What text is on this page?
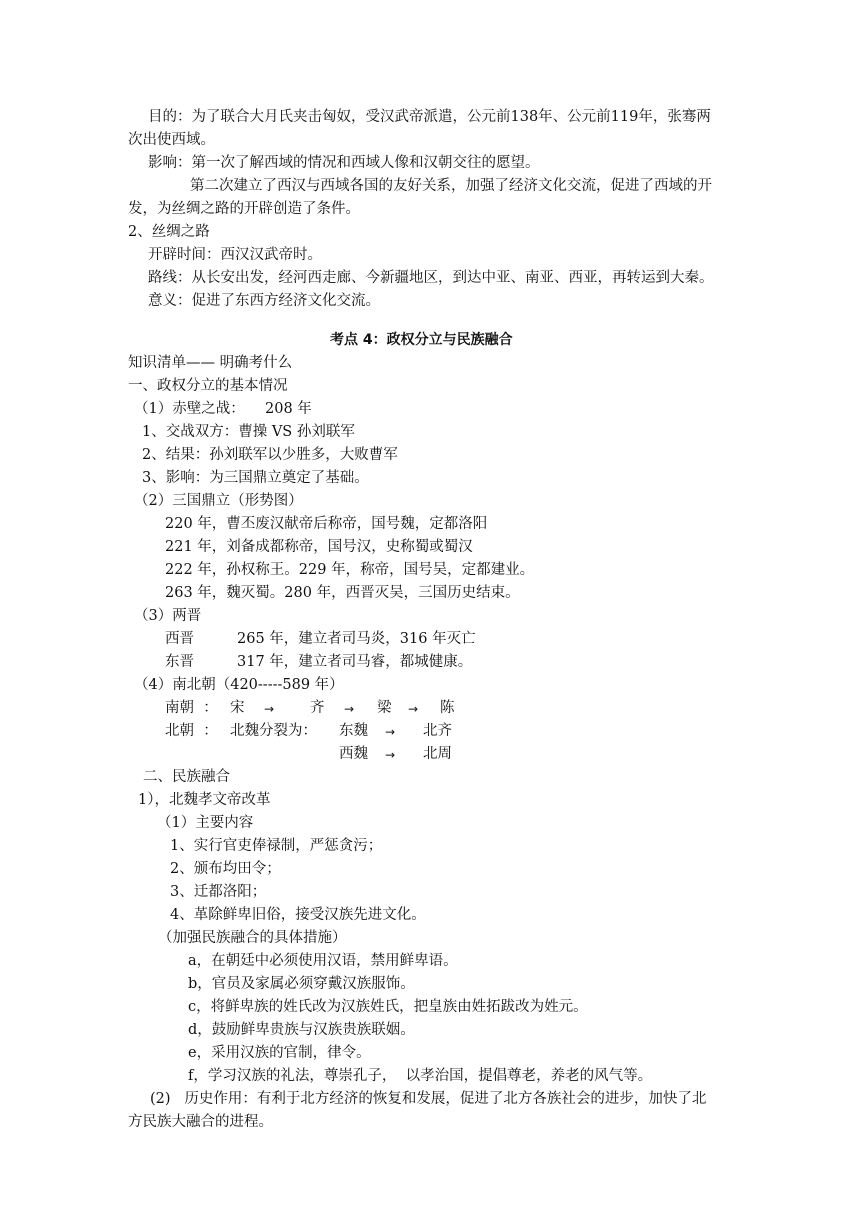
目的：为了联合大月氏夹击匈奴，受汉武帝派遣，公元前138年、公元前119年，张骞两
次出使西域。
影响：第一次了解西域的情况和西域人像和汉朝交往的愿望。
第二次建立了西汉与西域各国的友好关系，加强了经济文化交流，促进了西域的开
发，为丝绸之路的开辟创造了条件。
2、丝绸之路
开辟时间：西汉汉武帝时。
路线：从长安出发，经河西走廊、今新疆地区，到达中亚、南亚、西亚，再转运到大秦。
意义：促进了东西方经济文化交流。
考点 4：政权分立与民族融合
知识清单—— 明确考什么
一、政权分立的基本情况
（1）赤壁之战： 208 年
1、交战双方：曹操 VS 孙刘联军
2、结果：孙刘联军以少胜多，大败曹军
3、影响：为三国鼎立奠定了基础。
（2）三国鼎立（形势图）
220 年，曹丕废汉献帝后称帝，国号魏，定都洛阳
221 年，刘备成都称帝，国号汉，史称蜀或蜀汉
222 年，孙权称王。229 年，称帝，国号吴，定都建业。
263 年，魏灭蜀。280 年，西晋灭吴，三国历史结束。
（3）两晋
西晋	265 年，建立者司马炎，316 年灭亡
东晋	317 年，建立者司马睿，都城健康。
（4）南北朝（420-----589 年）
南朝  ： 宋 → 齐 → 梁 → 陈
北朝  ： 北魏分裂为： 东魏 → 北齐
西魏 → 北周
二、民族融合
1），北魏孝文帝改革
（1）主要内容
1、实行官吏俸禄制，严惩贪污；
2、颁布均田令；
3、迁都洛阳；
4、革除鲜卑旧俗，接受汉族先进文化。
（加强民族融合的具体措施）
a，在朝廷中必须使用汉语，禁用鲜卑语。
b，官员及家属必须穿戴汉族服饰。
c，将鲜卑族的姓氏改为汉族姓氏，把皇族由姓拓跋改为姓元。
d，鼓励鲜卑贵族与汉族贵族联姻。
e，采用汉族的官制，律令。
f，学习汉族的礼法，尊崇孔子，  以孝治国，提倡尊老，养老的风气等。
(2)   历史作用：有利于北方经济的恢复和发展，促进了北方各族社会的进步，加快了北
方民族大融合的进程。
